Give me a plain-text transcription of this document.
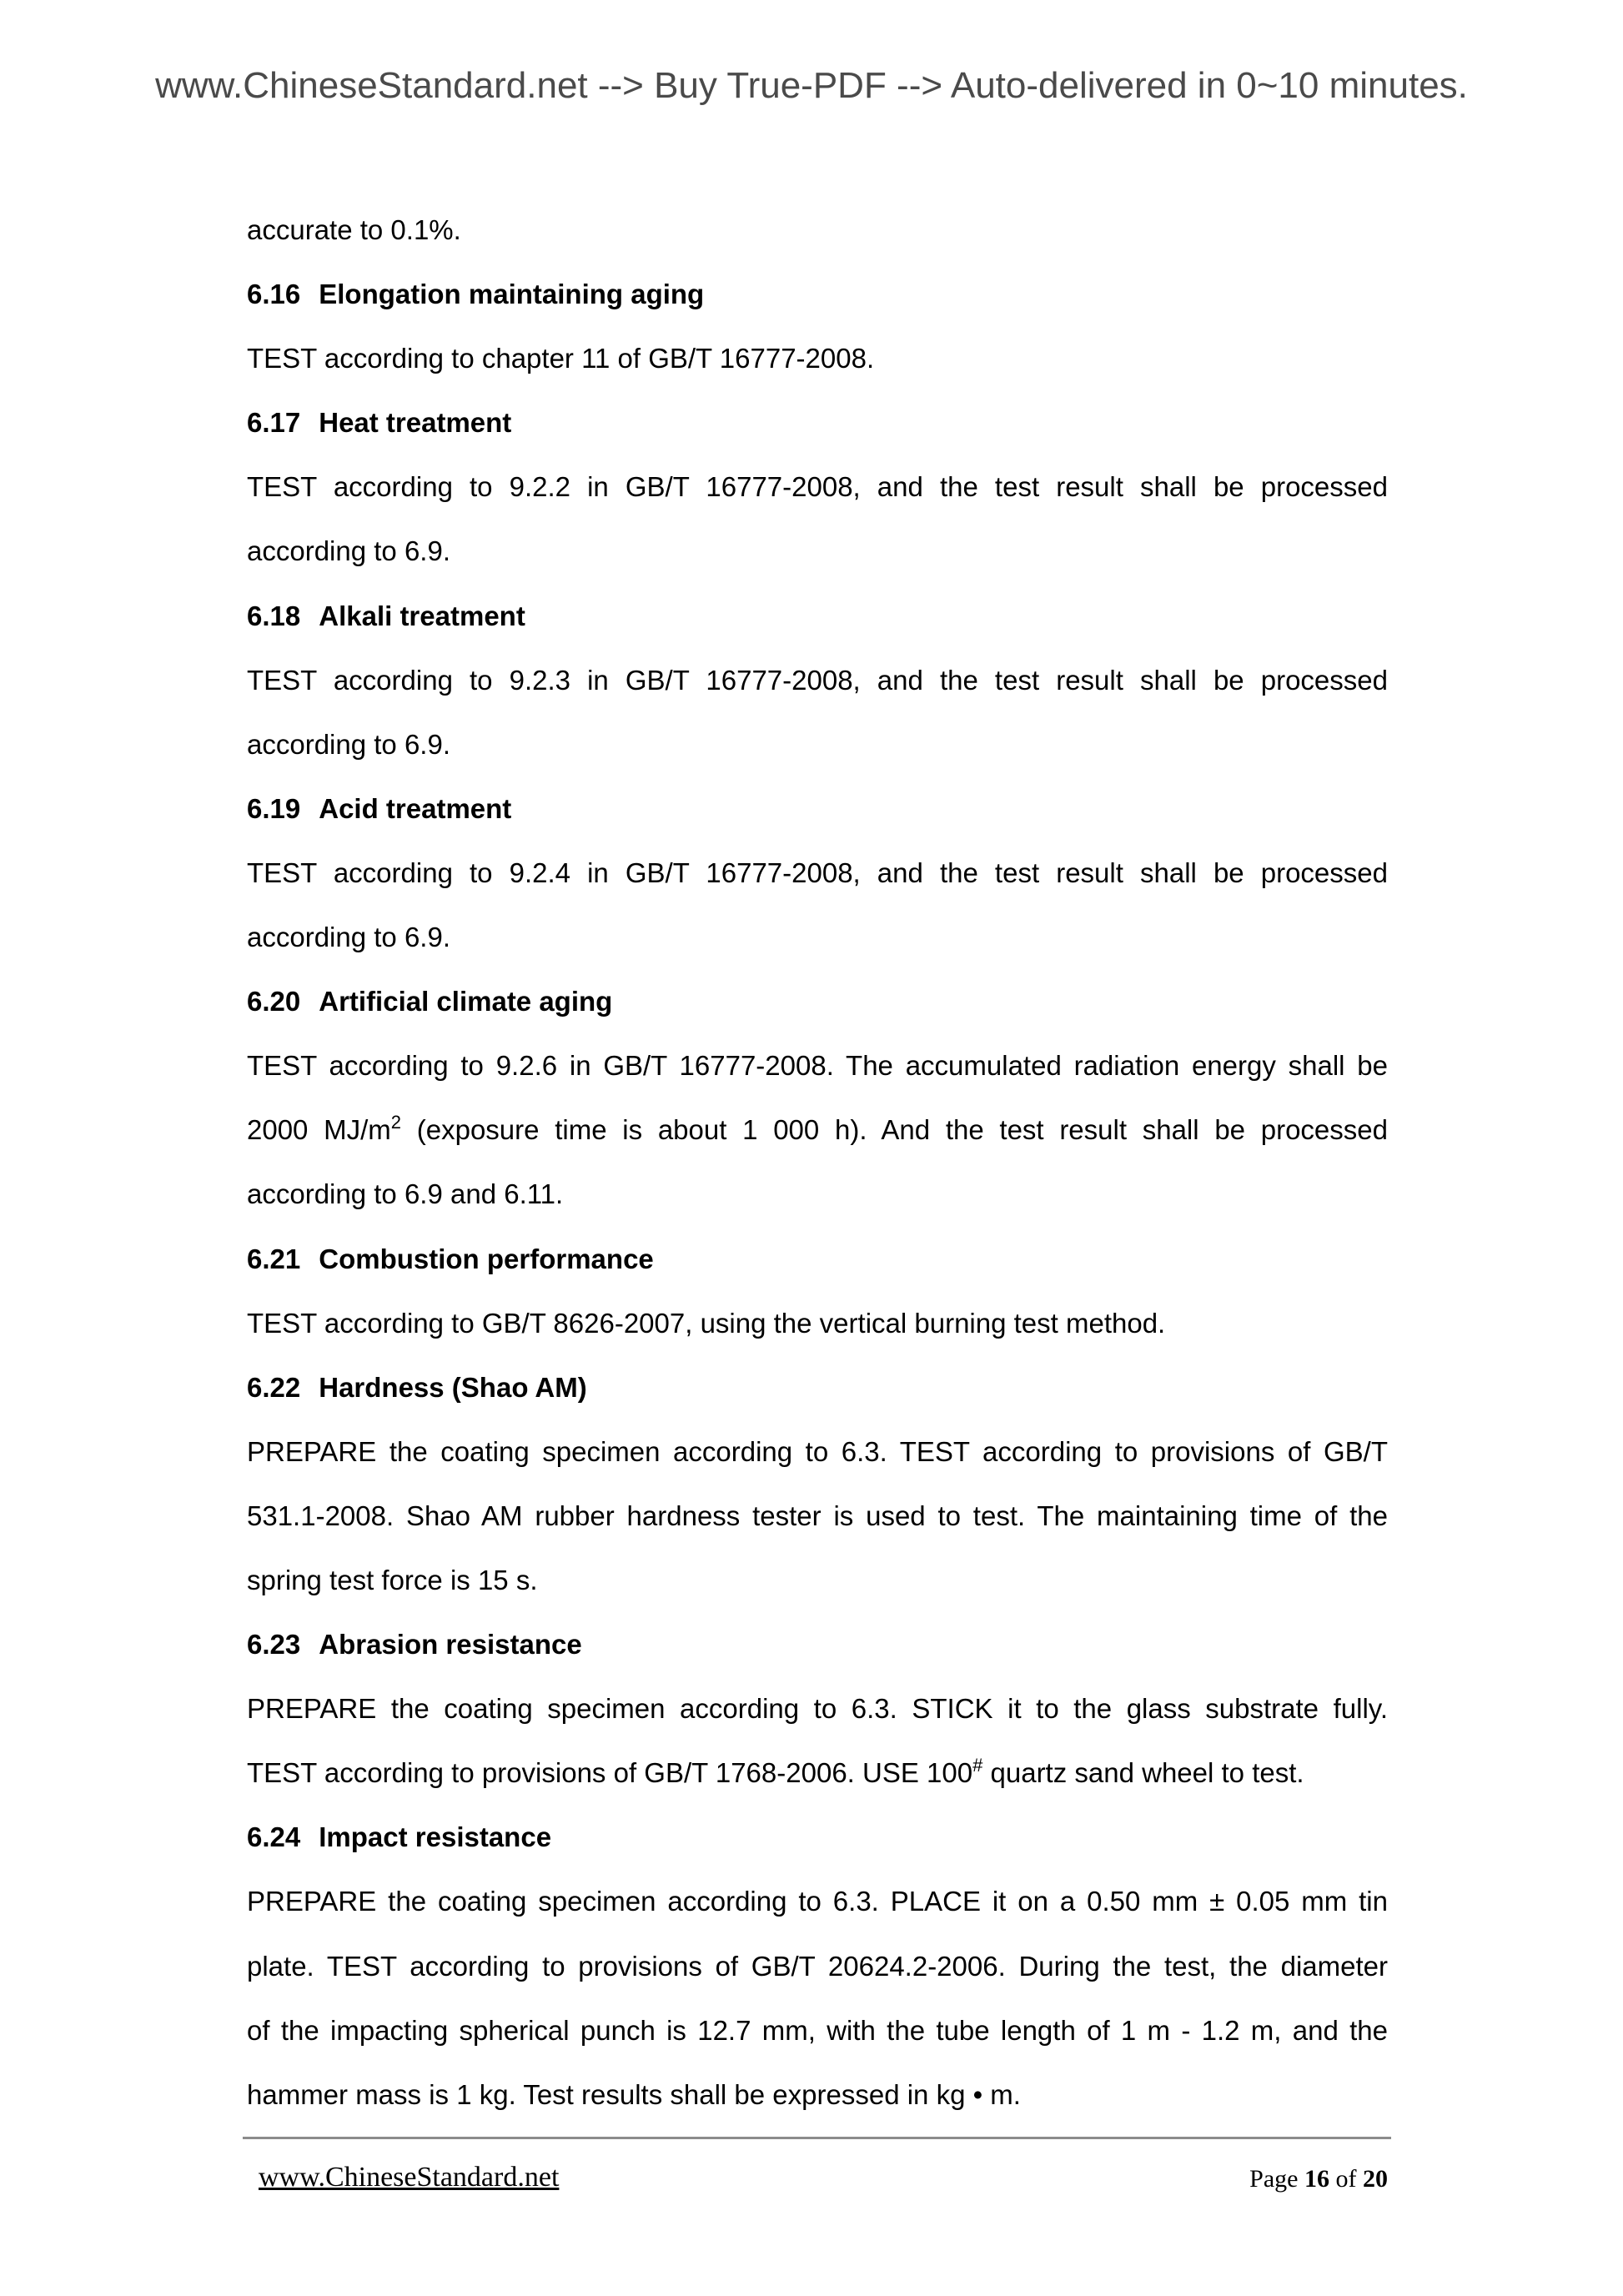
www.ChineseStandard.net --> Buy True-PDF --> Auto-delivered in 0~10 minutes.
accurate to 0.1%.
6.16 Elongation maintaining aging
TEST according to chapter 11 of GB/T 16777-2008.
6.17 Heat treatment
TEST according to 9.2.2 in GB/T 16777-2008, and the test result shall be processed
according to 6.9.
6.18 Alkali treatment
TEST according to 9.2.3 in GB/T 16777-2008, and the test result shall be processed
according to 6.9.
6.19 Acid treatment
TEST according to 9.2.4 in GB/T 16777-2008, and the test result shall be processed
according to 6.9.
6.20 Artificial climate aging
TEST according to 9.2.6 in GB/T 16777-2008. The accumulated radiation energy shall be
2000 $MJ/m^2$ (exposure time is about 1 000 h). And the test result shall be processed
according to 6.9 and 6.11.
6.21 Combustion performance
TEST according to GB/T 8626-2007, using the vertical burning test method.
6.22 Hardness (Shao AM)
PREPARE the coating specimen according to 6.3. TEST according to provisions of GB/T
531.1-2008. Shao AM rubber hardness tester is used to test. The maintaining time of the
spring test force is 15 s.
6.23 Abrasion resistance
PREPARE the coating specimen according to 6.3. STICK it to the glass substrate fully.
TEST according to provisions of GB/T 1768-2006. USE 100# quartz sand wheel to test.
6.24 Impact resistance
PREPARE the coating specimen according to 6.3. PLACE it on a 0.50 mm ± 0.05 mm tin
plate. TEST according to provisions of GB/T 20624.2-2006. During the test, the diameter
of the impacting spherical punch is 12.7 mm, with the tube length of 1 m - 1.2 m, and the
hammer mass is 1 kg. Test results shall be expressed in kg • m.
www.ChineseStandard.net	Page 16 of 20
